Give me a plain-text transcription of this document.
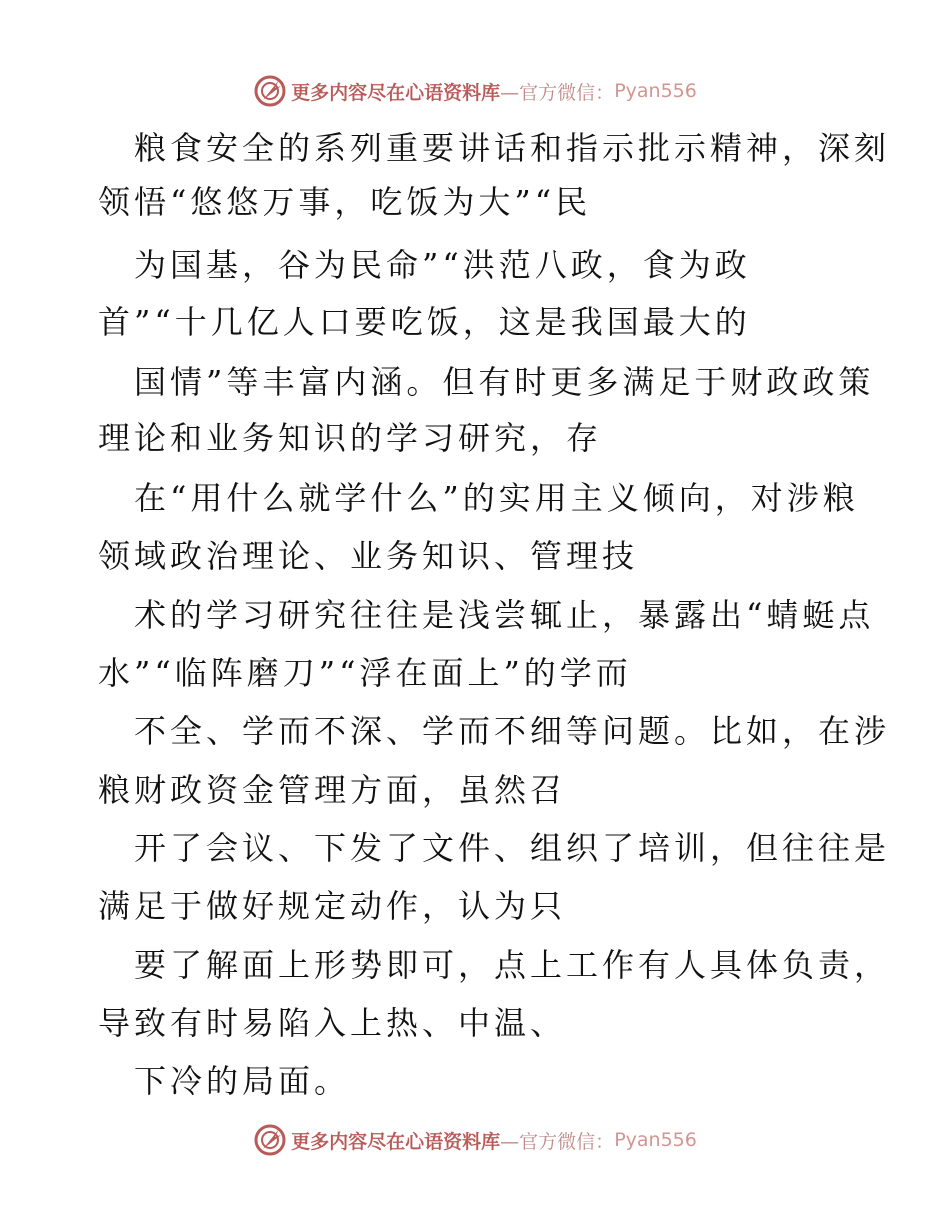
更多内容尽在心语资料库 —官方微信： Pyan556
粮食安全的系列重要讲话和指示批示精神，深刻
领悟“悠悠万事，吃饭为大”“民
为国基，谷为民命”“洪范八政，食为政
首”“十几亿人口要吃饭，这是我国最大的
国情”等丰富内涵。但有时更多满足于财政政策
理论和业务知识的学习研究，存
在“用什么就学什么”的实用主义倾向，对涉粮
领域政治理论、业务知识、管理技
术的学习研究往往是浅尝辄止，暴露出“蜻蜓点
水”“临阵磨刀”“浮在面上”的学而
不全、学而不深、学而不细等问题。比如，在涉
粮财政资金管理方面，虽然召
开了会议、下发了文件、组织了培训，但往往是
满足于做好规定动作，认为只
要了解面上形势即可，点上工作有人具体负责，
导致有时易陷入上热、中温、
下冷的局面。
更多内容尽在心语资料库 —官方微信： Pyan556
